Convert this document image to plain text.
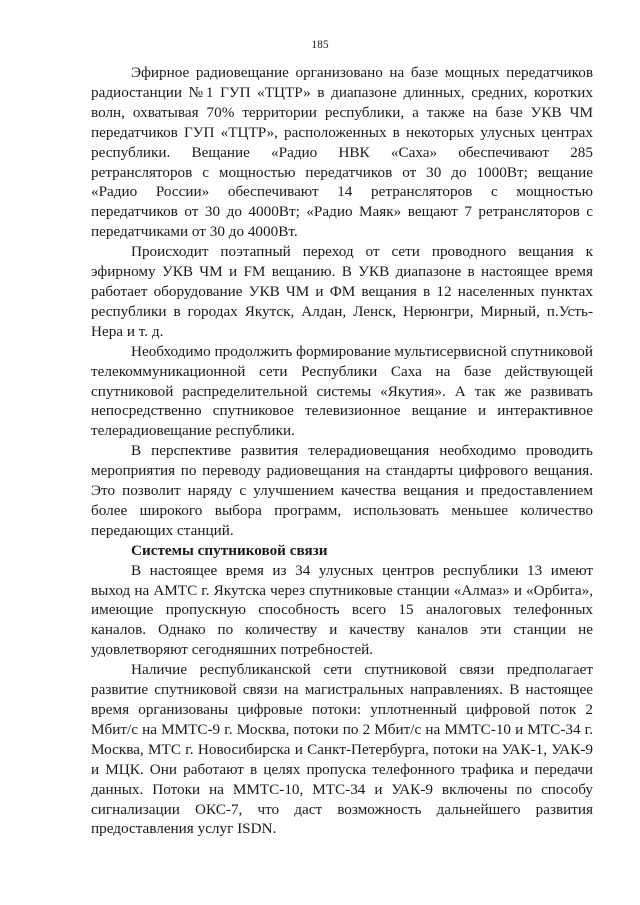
185

Эфирное радиовещание организовано на базе мощных передатчиков радиостанции №1 ГУП «ТЦТР» в диапазоне длинных, средних, коротких волн, охватывая 70% территории республики, а также на базе УКВ ЧМ передатчиков ГУП «ТЦТР», расположенных в некоторых улусных центрах республики. Вещание «Радио НВК «Саха» обеспечивают 285 ретрансляторов с мощностью передатчиков от 30 до 1000Вт; вещание «Радио России» обеспечивают 14 ретрансляторов с мощностью передатчиков от 30 до 4000Вт; «Радио Маяк» вещают 7 ретрансляторов с передатчиками от 30 до 4000Вт.

Происходит поэтапный переход от сети проводного вещания к эфирному УКВ ЧМ и FM вещанию. В УКВ диапазоне в настоящее время работает оборудование УКВ ЧМ и ФМ вещания в 12 населенных пунктах республики в городах Якутск, Алдан, Ленск, Нерюнгри, Мирный, п.Усть-Нера и т. д.

Необходимо продолжить формирование мультисервисной спутниковой телекоммуникационной сети Республики Саха на базе действующей спутниковой распределительной системы «Якутия». А так же развивать непосредственно спутниковое телевизионное вещание и интерактивное телерадиовещание республики.

В перспективе развития телерадиовещания необходимо проводить мероприятия по переводу радиовещания на стандарты цифрового вещания. Это позволит наряду с улучшением качества вещания и предоставлением более широкого выбора программ, использовать меньшее количество передающих станций.

Системы спутниковой связи

В настоящее время из 34 улусных центров республики 13 имеют выход на АМТС г. Якутска через спутниковые станции «Алмаз» и «Орбита», имеющие пропускную способность всего 15 аналоговых телефонных каналов. Однако по количеству и качеству каналов эти станции не удовлетворяют сегодняшних потребностей.

Наличие республиканской сети спутниковой связи предполагает развитие спутниковой связи на магистральных направлениях. В настоящее время организованы цифровые потоки: уплотненный цифровой поток 2 Мбит/с на ММТС-9 г. Москва, потоки по 2 Мбит/с на ММТС-10 и МТС-34 г. Москва, МТС г. Новосибирска и Санкт-Петербурга, потоки на УАК-1, УАК-9 и МЦК. Они работают в целях пропуска телефонного трафика и передачи данных. Потоки на ММТС-10, МТС-34 и УАК-9 включены по способу сигнализации ОКС-7, что даст возможность дальнейшего развития предоставления услуг ISDN.
